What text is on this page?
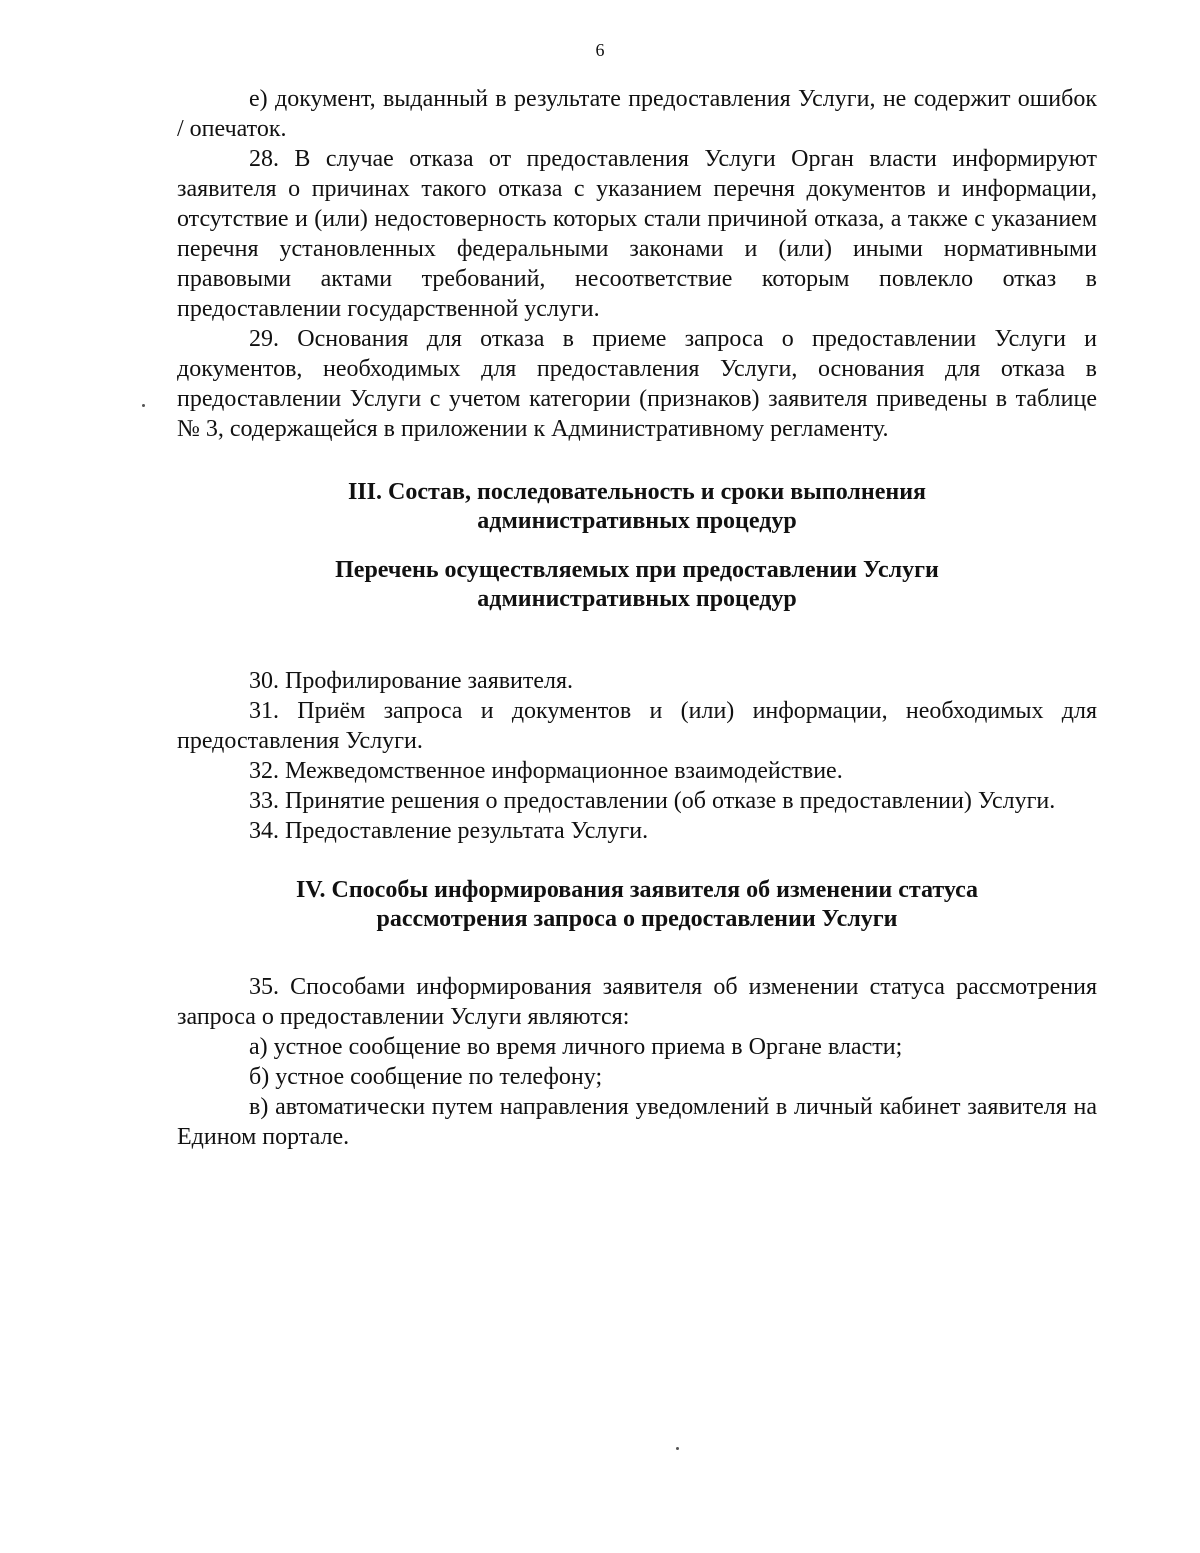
6

е) документ, выданный в результате предоставления Услуги, не содержит ошибок / опечаток.

28. В случае отказа от предоставления Услуги Орган власти информируют заявителя о причинах такого отказа с указанием перечня документов и информации, отсутствие и (или) недостоверность которых стали причиной отказа, а также с указанием перечня установленных федеральными законами и (или) иными нормативными правовыми актами требований, несоответствие которым повлекло отказ в предоставлении государственной услуги.

29. Основания для отказа в приеме запроса о предоставлении Услуги и документов, необходимых для предоставления Услуги, основания для отказа в предоставлении Услуги с учетом категории (признаков) заявителя приведены в таблице № 3, содержащейся в приложении к Административному регламенту.

III. Состав, последовательность и сроки выполнения
административных процедур
Перечень осуществляемых при предоставлении Услуги
административных процедур

30. Профилирование заявителя.

31. Приём запроса и документов и (или) информации, необходимых для предоставления Услуги.

32. Межведомственное информационное взаимодействие.

33. Принятие решения о предоставлении (об отказе в предоставлении) Услуги.

34. Предоставление результата Услуги.

IV. Способы информирования заявителя об изменении статуса
рассмотрения запроса о предоставлении Услуги

35. Способами информирования заявителя об изменении статуса рассмотрения запроса о предоставлении Услуги являются:

а) устное сообщение во время личного приема в Органе власти;

б) устное сообщение по телефону;

в) автоматически путем направления уведомлений в личный кабинет заявителя на Едином портале.
